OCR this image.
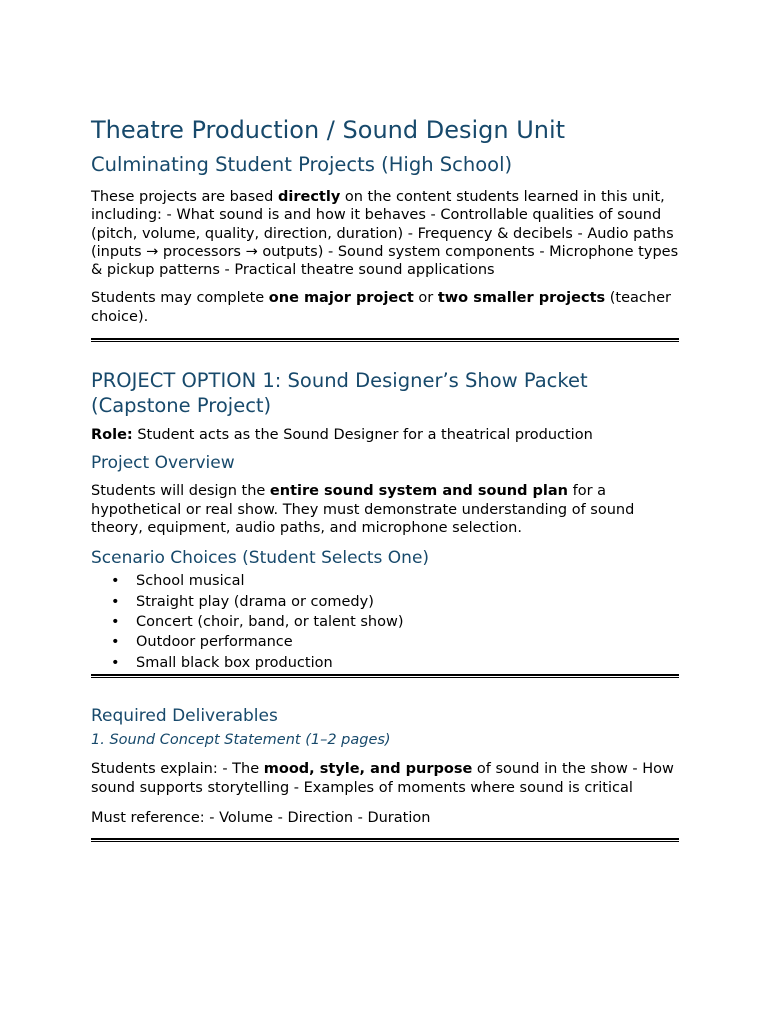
Theatre Production / Sound Design Unit
Culminating Student Projects (High School)

These projects are based directly on the content students learned in this unit, including: - What sound is and how it behaves - Controllable qualities of sound (pitch, volume, quality, direction, duration) - Frequency & decibels - Audio paths (inputs → processors → outputs) - Sound system components - Microphone types & pickup patterns - Practical theatre sound applications

Students may complete one major project or two smaller projects (teacher choice).

PROJECT OPTION 1: Sound Designer’s Show Packet (Capstone Project)

Role: Student acts as the Sound Designer for a theatrical production

Project Overview

Students will design the entire sound system and sound plan for a hypothetical or real show. They must demonstrate understanding of sound theory, equipment, audio paths, and microphone selection.

Scenario Choices (Student Selects One)
• School musical
• Straight play (drama or comedy)
• Concert (choir, band, or talent show)
• Outdoor performance
• Small black box production
Required Deliverables
1. Sound Concept Statement (1–2 pages)

Students explain: - The mood, style, and purpose of sound in the show - How sound supports storytelling - Examples of moments where sound is critical

Must reference: - Volume - Direction - Duration
